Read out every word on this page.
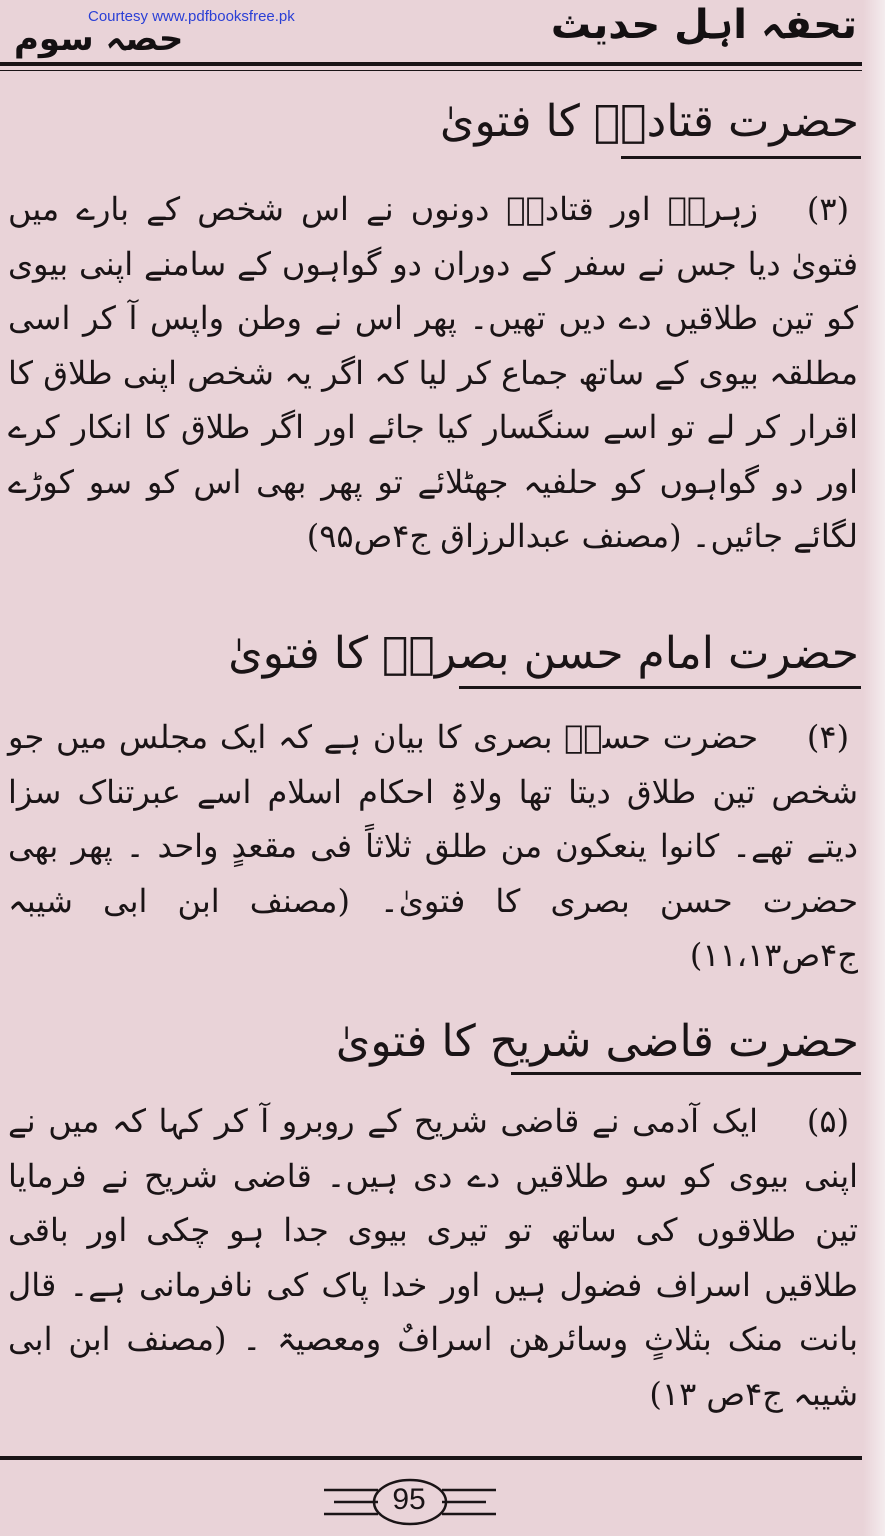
Courtesy www.pdfbooksfree.pk
حصہ سوم	تحفہ اہل حدیث
حضرت قتادہؒ کا فتویٰ
(۳)زہریؒ اور قتادہؒ دونوں نے اس شخص کے بارے میں فتویٰ دیا جس نے سفر کے دوران دو گواہوں کے سامنے اپنی بیوی کو تین طلاقیں دے دیں تھیں۔ پھر اس نے وطن واپس آ کر اسی مطلقہ بیوی کے ساتھ جماع کر لیا کہ اگر یہ شخص اپنی طلاق کا اقرار کر لے تو اسے سنگسار کیا جائے اور اگر طلاق کا انکار کرے اور دو گواہوں کو حلفیہ جھٹلائے تو پھر بھی اس کو سو کوڑے لگائے جائیں۔ (مصنف عبدالرزاق ج۴ص۹۵)
حضرت امام حسن بصریؒ کا فتویٰ
(۴)حضرت حسنؒ بصری کا بیان ہے کہ ایک مجلس میں جو شخص تین طلاق دیتا تھا ولاۃِ احکام اسلام اسے عبرتناک سزا دیتے تھے۔ کانوا ینعکون من طلق ثلاثاً فی مقعدٍ واحد ۔ پھر بھی حضرت حسن بصری کا فتویٰ۔ (مصنف ابن ابی شیبہ ج۴ص۱۱،۱۳)
حضرت قاضی شریح کا فتویٰ
(۵)ایک آدمی نے قاضی شریح کے روبرو آ کر کہا کہ میں نے اپنی بیوی کو سو طلاقیں دے دی ہیں۔ قاضی شریح نے فرمایا تین طلاقوں کی ساتھ تو تیری بیوی جدا ہو چکی اور باقی طلاقیں اسراف فضول ہیں اور خدا پاک کی نافرمانی ہے۔ قال بانت منک بثلاثٍ وسائرھن اسرافٌ ومعصیۃ ۔ (مصنف ابن ابی شیبہ ج۴ص ۱۳)
95
